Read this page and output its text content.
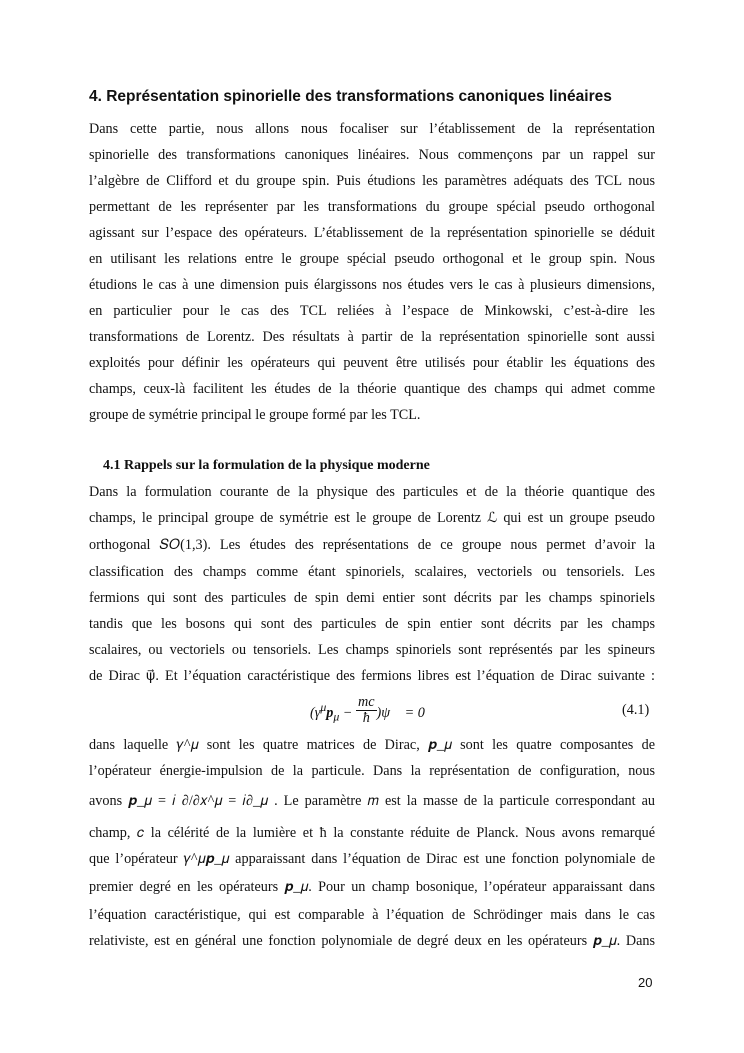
4. Représentation spinorielle des transformations canoniques linéaires
Dans cette partie, nous allons nous focaliser sur l’établissement de la représentation
spinorielle des transformations canoniques linéaires. Nous commençons par un rappel sur
l’algèbre de Clifford et du groupe spin. Puis étudions les paramètres adéquats des TCL nous
permettant de les représenter par les transformations du groupe spécial pseudo orthogonal
agissant sur l’espace des opérateurs. L’établissement de la représentation spinorielle se déduit
en utilisant les relations entre le groupe spécial pseudo orthogonal et le group spin. Nous
étudions le cas à une dimension puis élargissons nos études vers le cas à plusieurs dimensions,
en particulier pour le cas des TCL reliées à l’espace de Minkowski, c’est-à-dire les
transformations de Lorentz. Des résultats à partir de la représentation spinorielle sont aussi
exploités pour définir les opérateurs qui peuvent être utilisés pour établir les équations des
champs, ceux-là facilitent les études de la théorie quantique des champs qui admet comme
groupe de symétrie principal le groupe formé par les TCL.
4.1 Rappels sur la formulation de la physique moderne
Dans la formulation courante de la physique des particules et de la théorie quantique des
champs, le principal groupe de symétrie est le groupe de Lorentz ℒ qui est un groupe pseudo
orthogonal 𝑆𝑂(1,3). Les études des représentations de ce groupe nous permet d’avoir la
classification des champs comme étant spinoriels, scalaires, vectoriels ou tensoriels. Les
fermions qui sont des particules de spin demi entier sont décrits par les champs spinoriels
tandis que les bosons qui sont des particules de spin entier sont décrits par les champs
scalaires, ou vectoriels ou tensoriels. Les champs spinoriels sont représentés par les spineurs
de Dirac ψ⃗. Et l’équation caractéristique des fermions libres est l’équation de Dirac suivante :
($\gamma^\mu p_\mu - \frac{mc}{ħ}$ )ψ⃗ = 0	(4.1)
dans laquelle 𝛾^𝜇 sont les quatre matrices de Dirac, 𝒑_𝜇 sont les quatre composantes de
l’opérateur énergie-impulsion de la particule. Dans la représentation de configuration, nous
avons 𝒑_𝜇 = 𝑖 ∂/∂𝑥^𝜇 = 𝑖∂_𝜇 . Le paramètre 𝑚 est la masse de la particule correspondant au
champ, 𝑐 la célérité de la lumière et ħ la constante réduite de Planck. Nous avons remarqué
que l’opérateur 𝛾^𝜇𝒑_𝜇 apparaissant dans l’équation de Dirac est une fonction polynomiale de
premier degré en les opérateurs 𝒑_𝜇. Pour un champ bosonique, l’opérateur apparaissant dans
l’équation caractéristique, qui est comparable à l’équation de Schrödinger mais dans le cas
relativiste, est en général une fonction polynomiale de degré deux en les opérateurs 𝒑_𝜇. Dans
20
